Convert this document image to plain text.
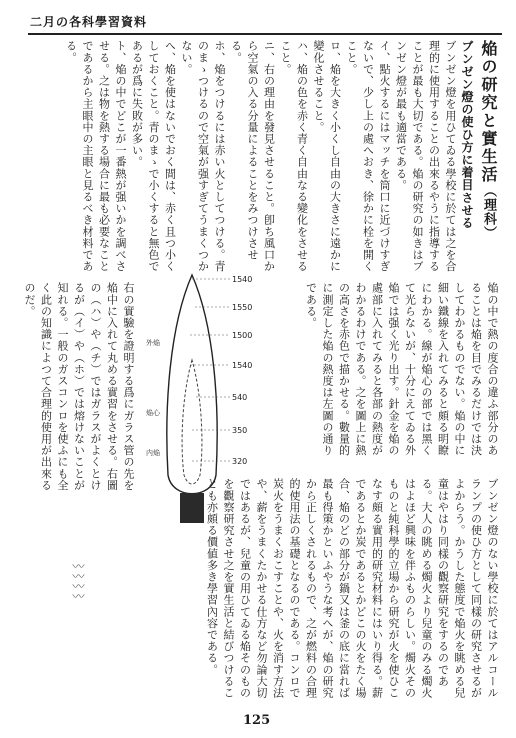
二月の各科學習資料

焔の研究と實生活（理科）

ブンゼン燈の使ひ方に着目させる

ブンゼン燈を用ひてゐる學校に於ては之を合理的に使用することの出來るやうに指導することが最も大切である。焔の研究の如きはブンゼン燈が最も適當である。

イ、點火するにはマッチを筒口に近づけすぎないで、少し上の處へおき、徐かに栓を開くこと。

ロ、焔を大きく小くし自由の大きさに遠かに變化させること。

ハ、焔の色を赤く青く自由なる變化をさせること。

ニ、右の理由を發見させること。卽ち風口から空氣の入る分量によることをみつけさせる。

ホ、焔をつけるには赤い火としてつける。青のまゝつけるので空氣が强すぎてうまくつかない。

へ、焔を使はないでおく間は、赤く且つ小くしておくこと。青のまゝで小くすると無色であるが爲に失敗が多い。

ト、焔の中でどこが一番熱が强いかを調べさせる。之は物を熱する場合に最も必要なことであるから主眼中の主眼と見るべき材料である。

焔の中で熱の度合の違ふ部分のあることは焔を目でみるだけでは決してわかるものでない。焔の中に細い鐵線を入れてみると頗る明瞭にわかる。線が焔心の部では黑くて光らないが、十分にえてゐる外焔では强く光り出す。針金を焔の處部に入れてみると各部の熱度がわかるわけである。之を圖上に熱の高さを赤色で描かせる。數量的に測定した焔の熱度は左圖の通りである。

1540
1550
1500
1540
540
350
320
外焔
焔心
内焔

右の實驗を證明する爲にガラス管の先を焔中に入れて丸める實習をさせる。右圖の（ハ）や（チ）ではガラスがよくとけるが（イ）や（ホ）では熔けないことが知れる。一般のガスコンロを使ふにも全く此の知識によつて合理的使用が出來るのだ。

ブンゼン燈のない學校に於てはアルコールランプの使ひ方として同樣の研究させるがよからう。かうした態度で焔火を眺める兒童はやはり同樣の觀察研究をするのである。大人の眺める燭火より兒童のみる燭火はよほど興味を伴ふものらしい。燭火そのものと純科學的立場から研究が火を使ひこなす頗る實用的研究材料にはいり得る。薪であるとか炭であるとかどこの火をたく場合、焔のどの部分が鍋又は釜の底に當れば最も得策かといふやうな考へが、焔の研究から正しくされるもので、之が燃料の合理的使用法の基礎となるのである。コンロで炭火をうまくおこすことや、火を消す方法や、薪をうまくたかせる仕方など勿論大切ではあるが、兒童の用ひてゐる焔そのものを觀察研究させ之を實生活と結びつけることも亦頗る價値多き學習內容である。

〰〰〰〰
125
